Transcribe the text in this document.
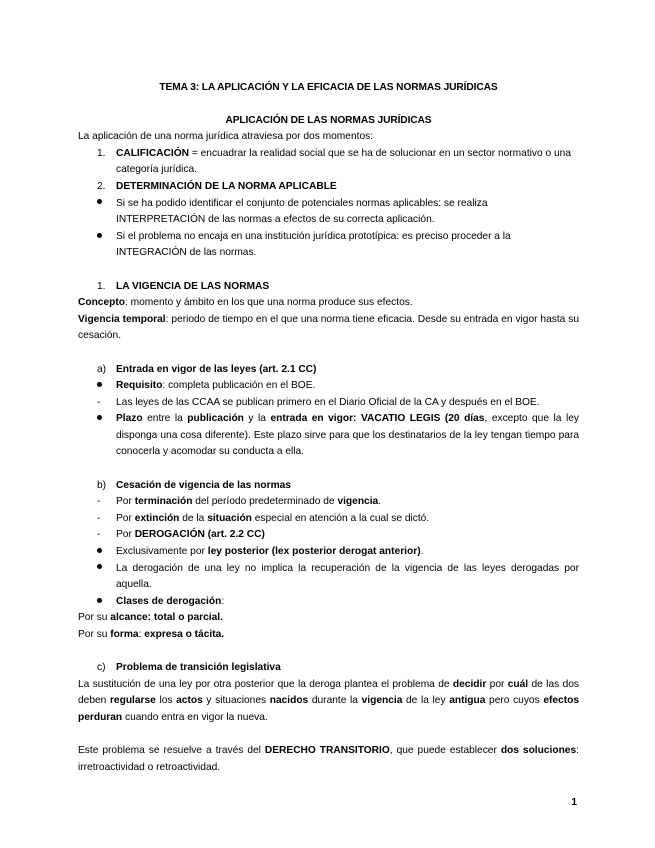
TEMA 3: LA APLICACIÓN Y LA EFICACIA DE LAS NORMAS JURÍDICAS

APLICACIÓN DE LAS NORMAS JURÍDICAS

La aplicación de una norma jurídica atraviesa por dos momentos:

1.	CALIFICACIÓN = encuadrar la realidad social que se ha de solucionar en un sector normativo o una categoría jurídica.
2.	DETERMINACIÓN DE LA NORMA APLICABLE
Si se ha podido identificar el conjunto de potenciales normas aplicables: se realiza INTERPRETACIÓN de las normas a efectos de su correcta aplicación.
Si el problema no encaja en una institución jurídica prototípica: es preciso proceder a la INTEGRACIÓN de las normas.
1.	LA VIGENCIA DE LAS NORMAS

Concepto: momento y ámbito en los que una norma produce sus efectos.

Vigencia temporal: periodo de tiempo en el que una norma tiene eficacia. Desde su entrada en vigor hasta su cesación.

a) Entrada en vigor de las leyes (art. 2.1 CC)
Requisito: completa publicación en el BOE.
-	Las leyes de las CCAA se publican primero en el Diario Oficial de la CA y después en el BOE.
Plazo entre la publicación y la entrada en vigor: VACATIO LEGIS (20 días, excepto que la ley disponga una cosa diferente). Este plazo sirve para que los destinatarios de la ley tengan tiempo para conocerla y acomodar su conducta a ella.
b) Cesación de vigencia de las normas
-	Por terminación del período predeterminado de vigencia.
-	Por extinción de la situación especial en atención a la cual se dictó.
-	Por DEROGACIÓN (art. 2.2 CC)
Exclusivamente por ley posterior (lex posterior derogat anterior).
La derogación de una ley no implica la recuperación de la vigencia de las leyes derogadas por aquella.
Clases de derogación:

Por su alcance: total o parcial.

Por su forma: expresa o tácita.

c)	Problema de transición legislativa

La sustitución de una ley por otra posterior que la deroga plantea el problema de decidir por cuál de las dos deben regularse los actos y situaciones nacidos durante la vigencia de la ley antigua pero cuyos efectos perduran cuando entra en vigor la nueva.

Este problema se resuelve a través del DERECHO TRANSITORIO, que puede establecer dos soluciones: irretroactividad o retroactividad.

1
